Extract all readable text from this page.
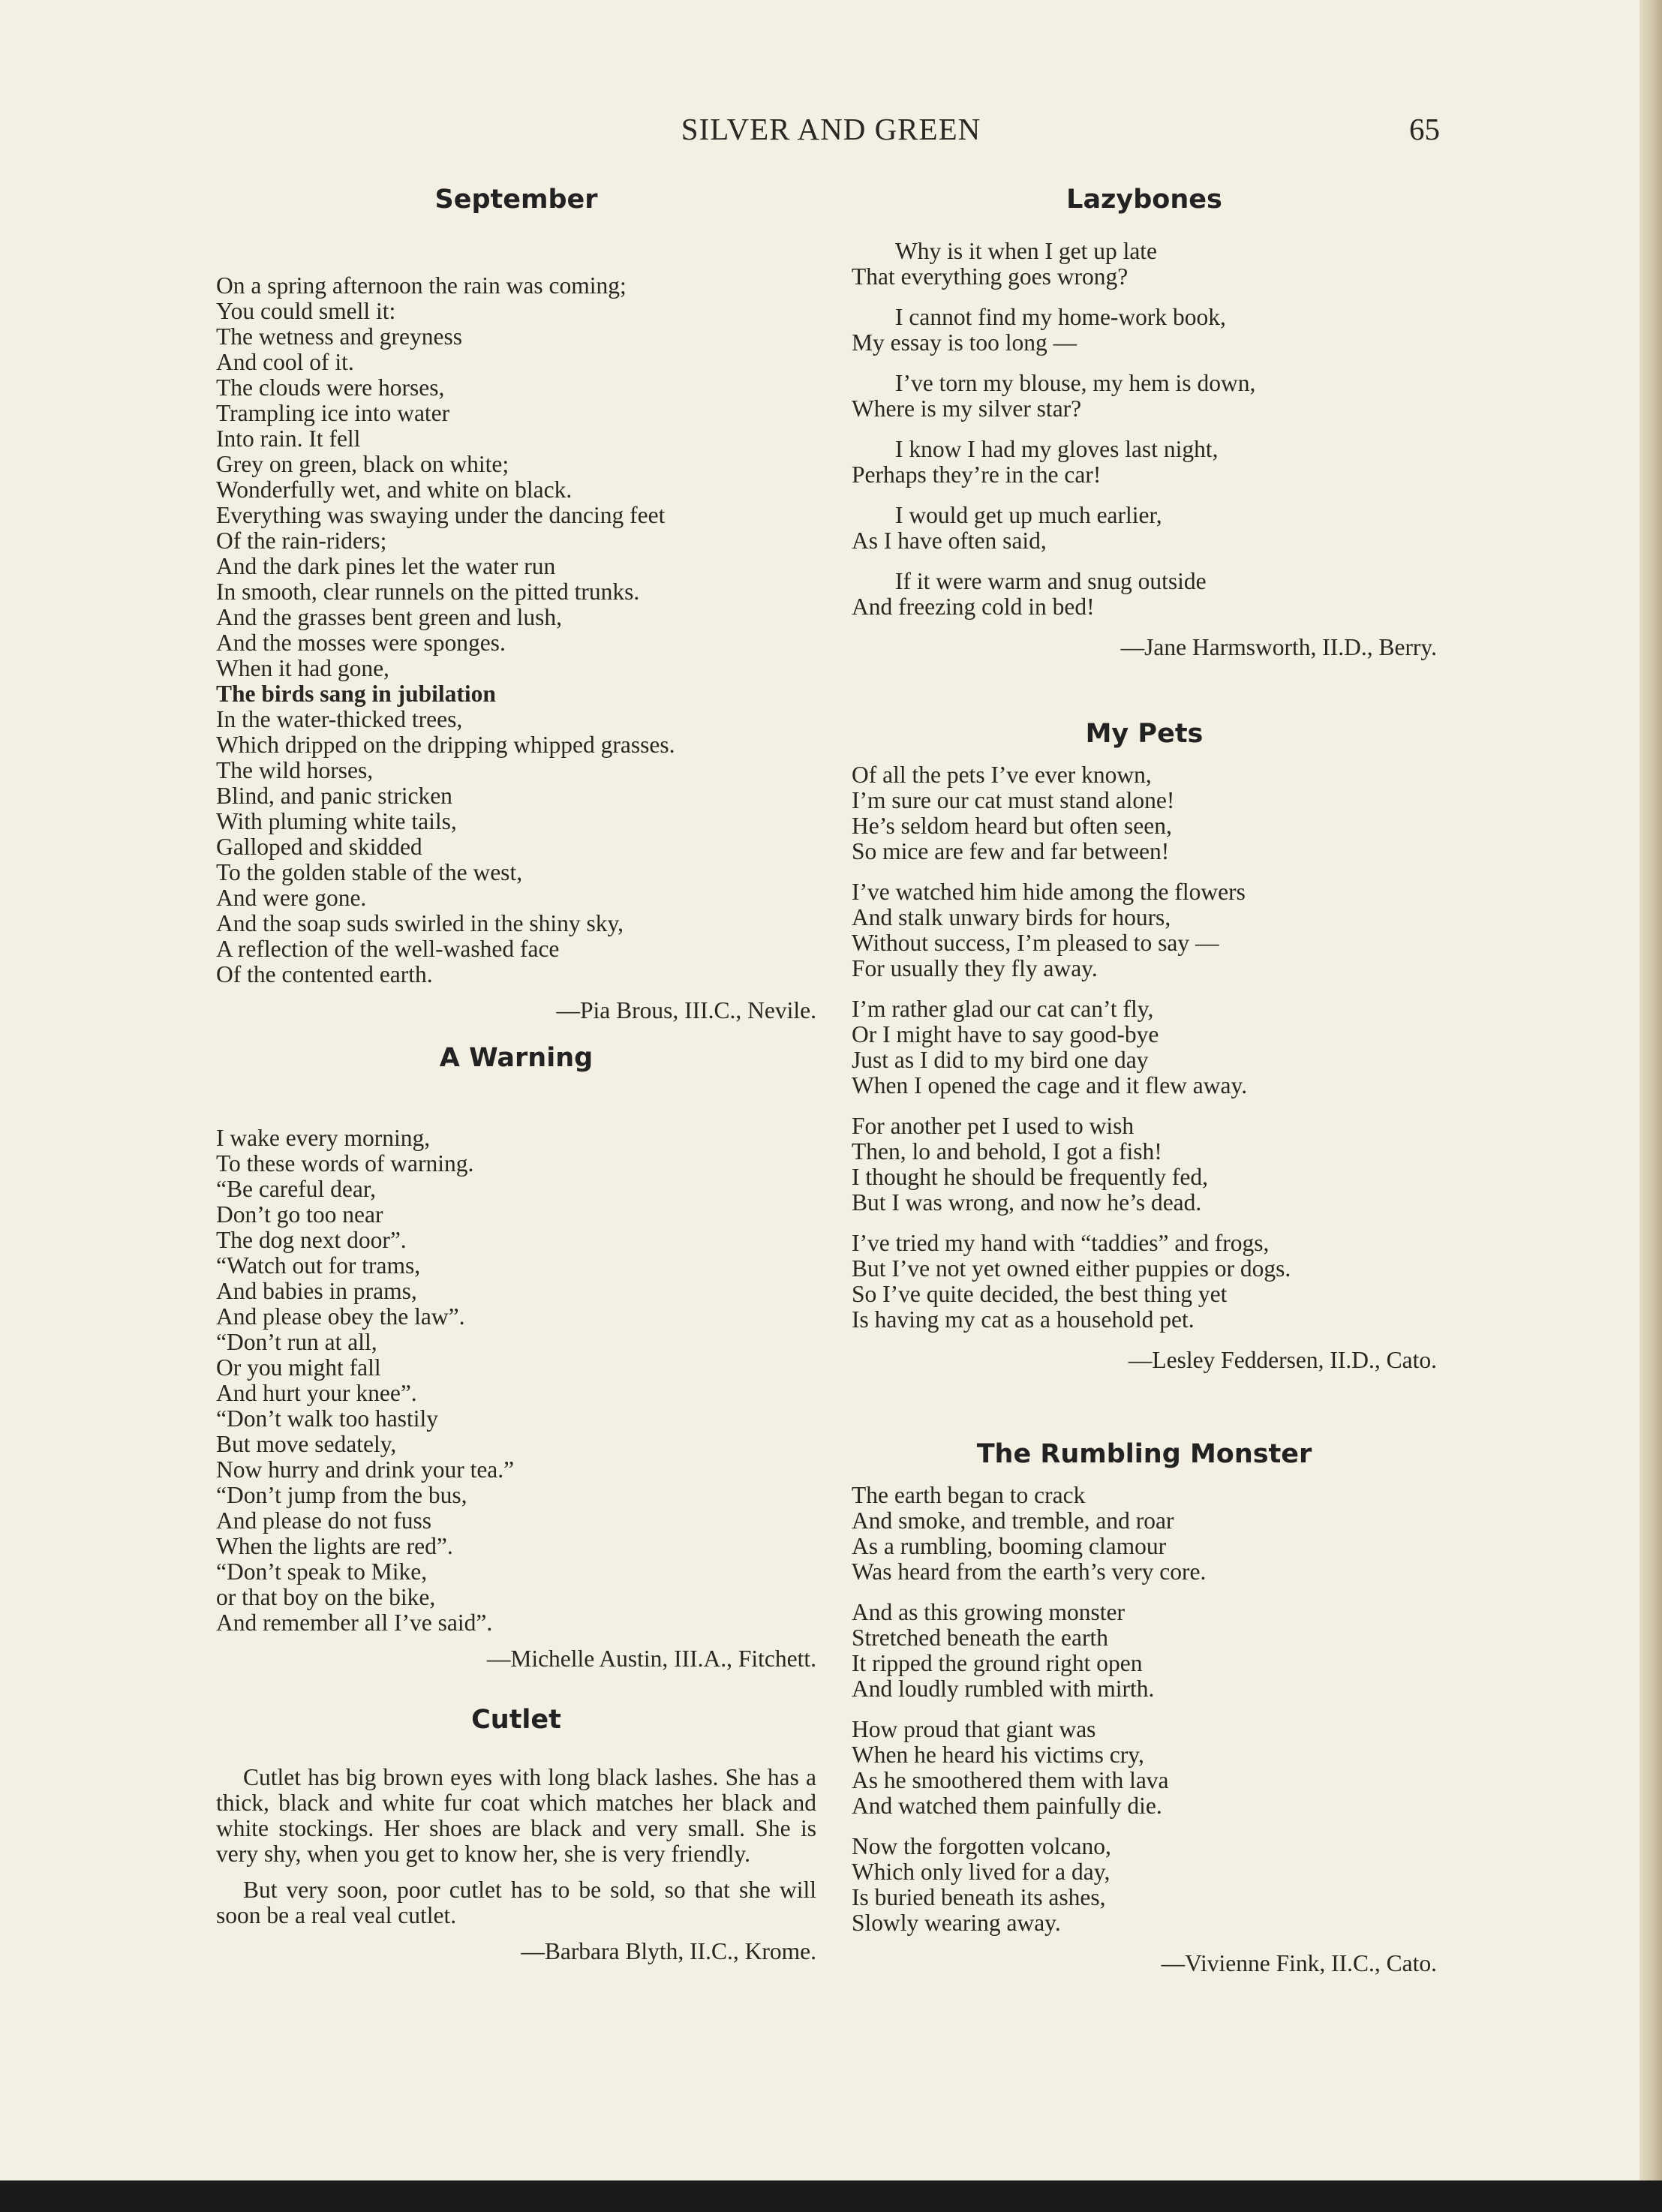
SILVER AND GREEN	65
September
On a spring afternoon the rain was coming;
You could smell it:
The wetness and greyness
And cool of it.
The clouds were horses,
Trampling ice into water
Into rain. It fell
Grey on green, black on white;
Wonderfully wet, and white on black.
Everything was swaying under the dancing feet
Of the rain-riders;
And the dark pines let the water run
In smooth, clear runnels on the pitted trunks.
And the grasses bent green and lush,
And the mosses were sponges.
When it had gone,
The birds sang in jubilation
In the water-thicked trees,
Which dripped on the dripping whipped grasses.
The wild horses,
Blind, and panic stricken
With pluming white tails,
Galloped and skidded
To the golden stable of the west,
And were gone.
And the soap suds swirled in the shiny sky,
A reflection of the well-washed face
Of the contented earth.
—Pia Brous, III.C., Nevile.
A Warning
I wake every morning,
To these words of warning.
“Be careful dear,
Don’t go too near
The dog next door”.
“Watch out for trams,
And babies in prams,
And please obey the law”.
“Don’t run at all,
Or you might fall
And hurt your knee”.
“Don’t walk too hastily
But move sedately,
Now hurry and drink your tea.”
“Don’t jump from the bus,
And please do not fuss
When the lights are red”.
“Don’t speak to Mike,
or that boy on the bike,
And remember all I’ve said”.
—Michelle Austin, III.A., Fitchett.
Cutlet

Cutlet has big brown eyes with long black lashes. She has a thick, black and white fur coat which matches her black and white stockings. Her shoes are black and very small. She is very shy, when you get to know her, she is very friendly.

But very soon, poor cutlet has to be sold, so that she will soon be a real veal cutlet.

—Barbara Blyth, II.C., Krome.
Lazybones
Why is it when I get up late
That everything goes wrong?
I cannot find my home-work book,
My essay is too long —
I’ve torn my blouse, my hem is down,
Where is my silver star?
I know I had my gloves last night,
Perhaps they’re in the car!
I would get up much earlier,
As I have often said,
If it were warm and snug outside
And freezing cold in bed!
—Jane Harmsworth, II.D., Berry.
My Pets
Of all the pets I’ve ever known,
I’m sure our cat must stand alone!
He’s seldom heard but often seen,
So mice are few and far between!
I’ve watched him hide among the flowers
And stalk unwary birds for hours,
Without success, I’m pleased to say —
For usually they fly away.
I’m rather glad our cat can’t fly,
Or I might have to say good-bye
Just as I did to my bird one day
When I opened the cage and it flew away.
For another pet I used to wish
Then, lo and behold, I got a fish!
I thought he should be frequently fed,
But I was wrong, and now he’s dead.
I’ve tried my hand with “taddies” and frogs,
But I’ve not yet owned either puppies or dogs.
So I’ve quite decided, the best thing yet
Is having my cat as a household pet.
—Lesley Feddersen, II.D., Cato.
The Rumbling Monster
The earth began to crack
And smoke, and tremble, and roar
As a rumbling, booming clamour
Was heard from the earth’s very core.
And as this growing monster
Stretched beneath the earth
It ripped the ground right open
And loudly rumbled with mirth.
How proud that giant was
When he heard his victims cry,
As he smoothered them with lava
And watched them painfully die.
Now the forgotten volcano,
Which only lived for a day,
Is buried beneath its ashes,
Slowly wearing away.
—Vivienne Fink, II.C., Cato.
